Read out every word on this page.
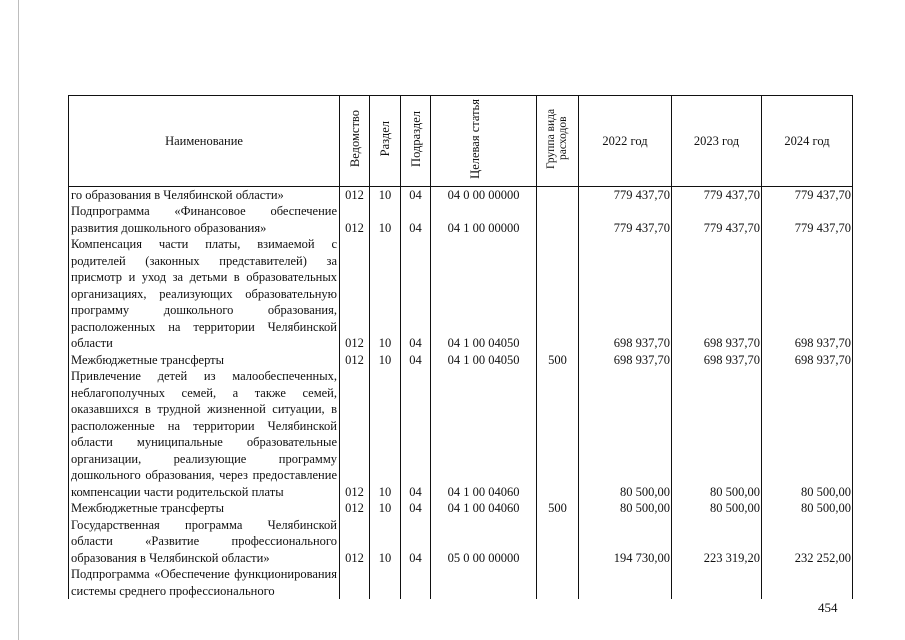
Наименование	Ведомство	Раздел	Подраздел	Целевая статья	Группа вида расходов	2022 год	2023 год	2024 год
го образования в Челябинской области»	012	10	04	04 0 00 00000		779 437,70	779 437,70	779 437,70
Подпрограмма «Финансовое обеспечение развития дошкольного образования»	012	10	04	04 1 00 00000		779 437,70	779 437,70	779 437,70
Компенсация части платы, взимаемой с родителей (законных представителей) за присмотр и уход за детьми в образовательных организациях, реализующих образовательную программу дошкольного образования, расположенных на территории Челябинской области	012	10	04	04 1 00 04050		698 937,70	698 937,70	698 937,70
Межбюджетные трансферты	012	10	04	04 1 00 04050	500	698 937,70	698 937,70	698 937,70
Привлечение детей из малообеспеченных, неблагополучных семей, а также семей, оказавшихся в трудной жизненной ситуации, в расположенные на территории Челябинской области муниципальные образовательные организации, реализующие программу дошкольного образования, через предоставление компенсации части родительской платы	012	10	04	04 1 00 04060		80 500,00	80 500,00	80 500,00
Межбюджетные трансферты	012	10	04	04 1 00 04060	500	80 500,00	80 500,00	80 500,00
Государственная программа Челябинской области «Развитие профессионального образования в Челябинской области»	012	10	04	05 0 00 00000		194 730,00	223 319,20	232 252,00
Подпрограмма «Обеспечение функционирования системы среднего профессионального								
454
